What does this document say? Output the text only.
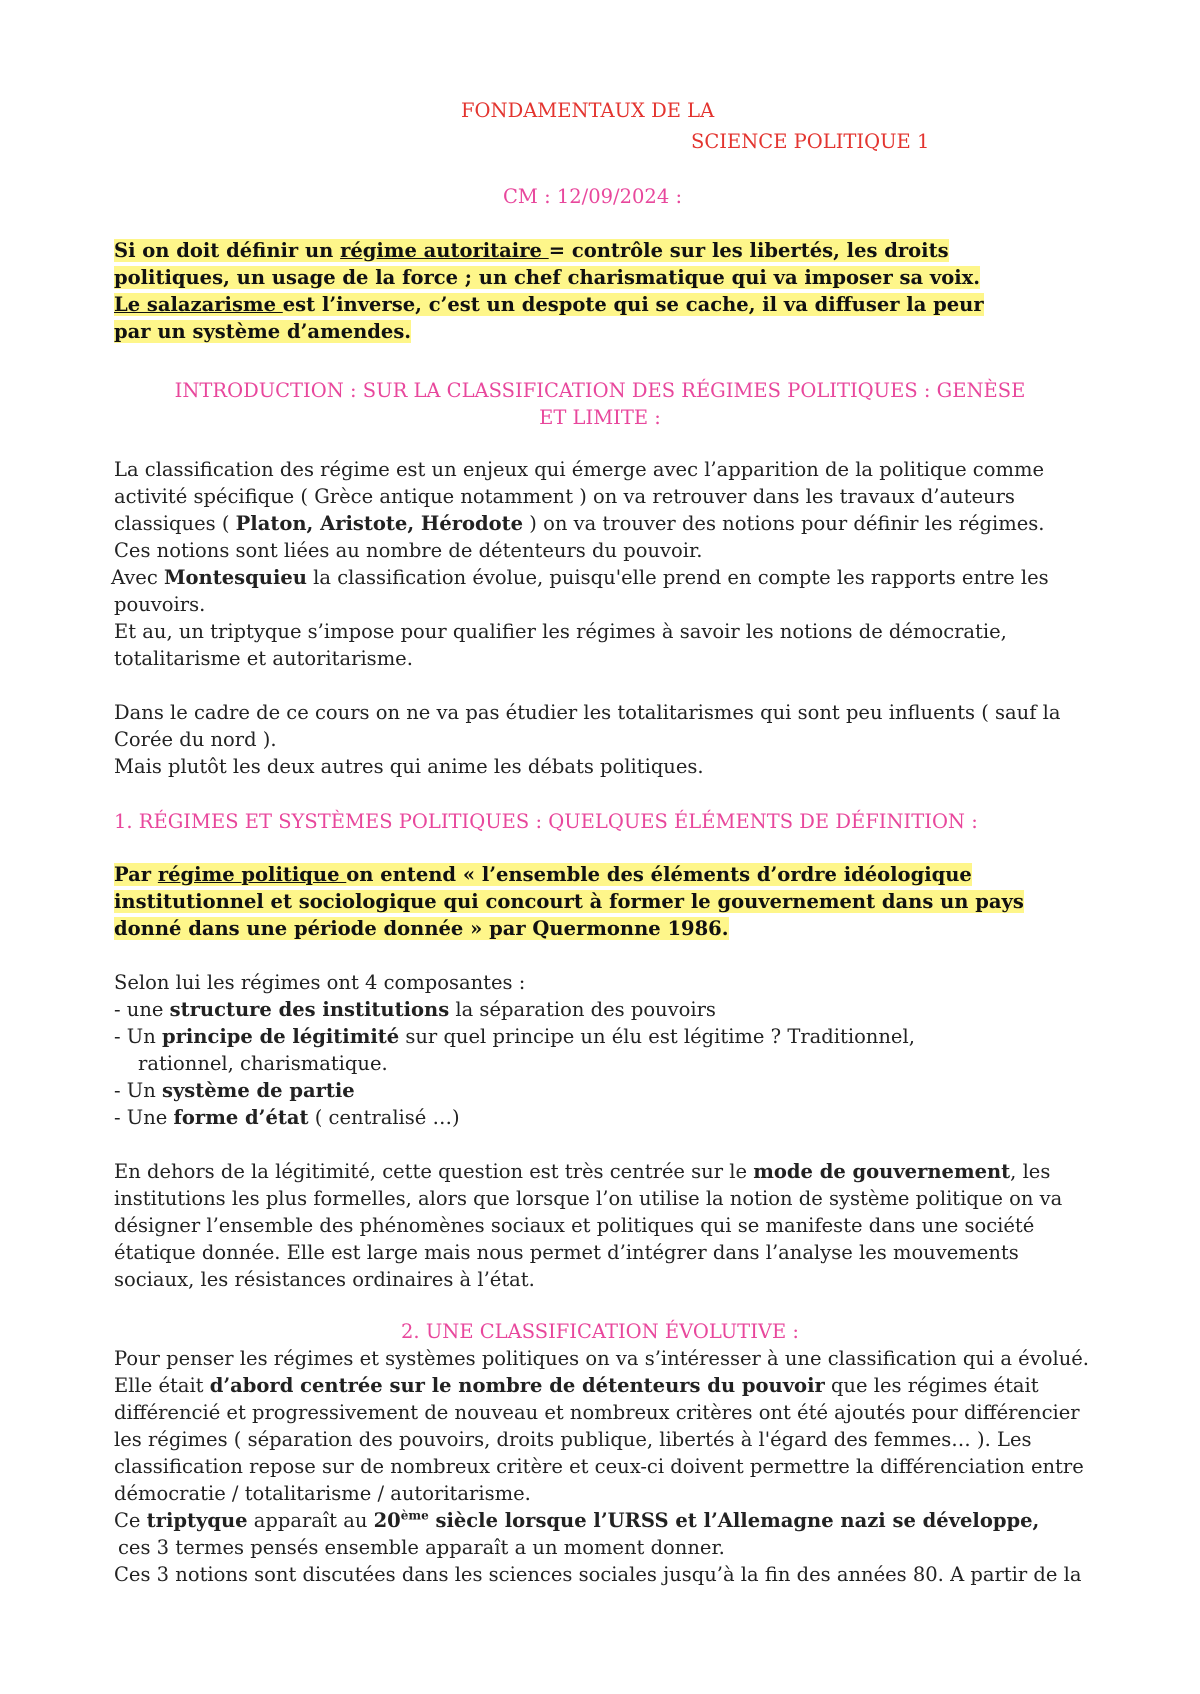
FONDAMENTAUX DE LA

SCIENCE POLITIQUE 1

CM : 12/09/2024 :

Si on doit définir un régime autoritaire = contrôle sur les libertés, les droits

politiques, un usage de la force ; un chef charismatique qui va imposer sa voix.

Le salazarisme est l’inverse, c’est un despote qui se cache, il va diffuser la peur

par un système d’amendes.

INTRODUCTION : SUR LA CLASSIFICATION DES RÉGIMES POLITIQUES : GENÈSE

ET LIMITE :

La classification des régime est un enjeux qui émerge avec l’apparition de la politique comme

activité spécifique ( Grèce antique notamment ) on va retrouver dans les travaux d’auteurs

classiques ( Platon, Aristote, Hérodote ) on va trouver des notions pour définir les régimes.

Ces notions sont liées au nombre de détenteurs du pouvoir.

Avec Montesquieu la classification évolue, puisqu'elle prend en compte les rapports entre les

pouvoirs.

Et au, un triptyque s’impose pour qualifier les régimes à savoir les notions de démocratie,

totalitarisme et autoritarisme.

Dans le cadre de ce cours on ne va pas étudier les totalitarismes qui sont peu influents ( sauf la

Corée du nord ).

Mais plutôt les deux autres qui anime les débats politiques.

1. RÉGIMES ET SYSTÈMES POLITIQUES : QUELQUES ÉLÉMENTS DE DÉFINITION :

Par régime politique on entend « l’ensemble des éléments d’ordre idéologique

institutionnel et sociologique qui concourt à former le gouvernement dans un pays

donné dans une période donnée » par Quermonne 1986.

Selon lui les régimes ont 4 composantes :

- une structure des institutions la séparation des pouvoirs

- Un principe de légitimité sur quel principe un élu est légitime ? Traditionnel,

rationnel, charismatique.

- Un système de partie

- Une forme d’état ( centralisé …)

En dehors de la légitimité, cette question est très centrée sur le mode de gouvernement, les

institutions les plus formelles, alors que lorsque l’on utilise la notion de système politique on va

désigner l’ensemble des phénomènes sociaux et politiques qui se manifeste dans une société

étatique donnée. Elle est large mais nous permet d’intégrer dans l’analyse les mouvements

sociaux, les résistances ordinaires à l’état.

2. UNE CLASSIFICATION ÉVOLUTIVE :

Pour penser les régimes et systèmes politiques on va s’intéresser à une classification qui a évolué.

Elle était d’abord centrée sur le nombre de détenteurs du pouvoir que les régimes était

différencié et progressivement de nouveau et nombreux critères ont été ajoutés pour différencier

les régimes ( séparation des pouvoirs, droits publique, libertés à l'égard des femmes… ). Les

classification repose sur de nombreux critère et ceux-ci doivent permettre la différenciation entre

démocratie / totalitarisme / autoritarisme.

Ce triptyque apparaît au 20ème siècle lorsque l’URSS et l’Allemagne nazi se développe,

ces 3 termes pensés ensemble apparaît a un moment donner.

Ces 3 notions sont discutées dans les sciences sociales jusqu’à la fin des années 80. A partir de la
